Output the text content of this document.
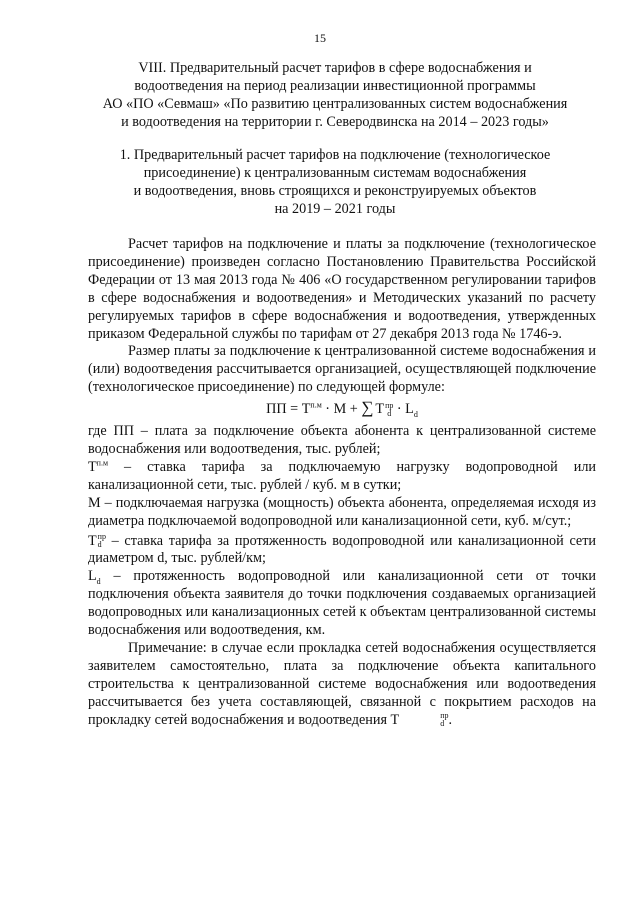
15
VIII. Предварительный расчет тарифов в сфере водоснабжения и
водоотведения на период реализации инвестиционной программы
АО «ПО «Севмаш» «По развитию централизованных систем водоснабжения
и водоотведения на территории г. Северодвинска на 2014 – 2023 годы»
1. Предварительный расчет тарифов на подключение (технологическое
присоединение) к централизованным системам водоснабжения
и водоотведения, вновь строящихся и реконструируемых объектов
на 2019 – 2021 годы

Расчет тарифов на подключение и платы за подключение (технологическое присоединение) произведен согласно Постановлению Правительства Российской Федерации от 13 мая 2013 года № 406 «О государственном регулировании тарифов в сфере водоснабжения и водоотведения» и Методических указаний по расчету регулируемых тарифов в сфере водоснабжения и водоотведения, утвержденных приказом Федеральной службы по тарифам от 27 декабря 2013 года № 1746-э.

Размер платы за подключение к централизованной системе водоснабжения и (или) водоотведения рассчитывается организацией, осуществляющей подключение (технологическое присоединение) по следующей формуле:

ПП = $Т^{п.м} \cdot М$ + ∑ Т пр
$d \cdot L_d$

где ПП – плата за подключение объекта абонента к централизованной системе водоснабжения или водоотведения, тыс. рублей;

$Т^{п.м}$ – ставка тарифа за подключаемую нагрузку водопроводной или канализационной сети, тыс. рублей / куб. м в сутки;

М – подключаемая нагрузка (мощность) объекта абонента, определяемая исходя из диаметра подключаемой водопроводной или канализационной сети, куб. м/сут.;

Т пр
d – ставка тарифа за протяженность водопроводной или канализационной сети диаметром d, тыс. рублей/км;

$L_d$ – протяженность водопроводной или канализационной сети от точки подключения объекта заявителя до точки подключения создаваемых организацией водопроводных или канализационных сетей к объектам централизованной системы водоснабжения или водоотведения, км.

Примечание: в случае если прокладка сетей водоснабжения осуществляется заявителем самостоятельно, плата за подключение объекта капитального строительства к централизованной системе водоснабжения или водоотведения рассчитывается без учета составляющей, связанной с покрытием расходов на прокладку сетей водоснабжения и водоотведения Т	пр
d .
